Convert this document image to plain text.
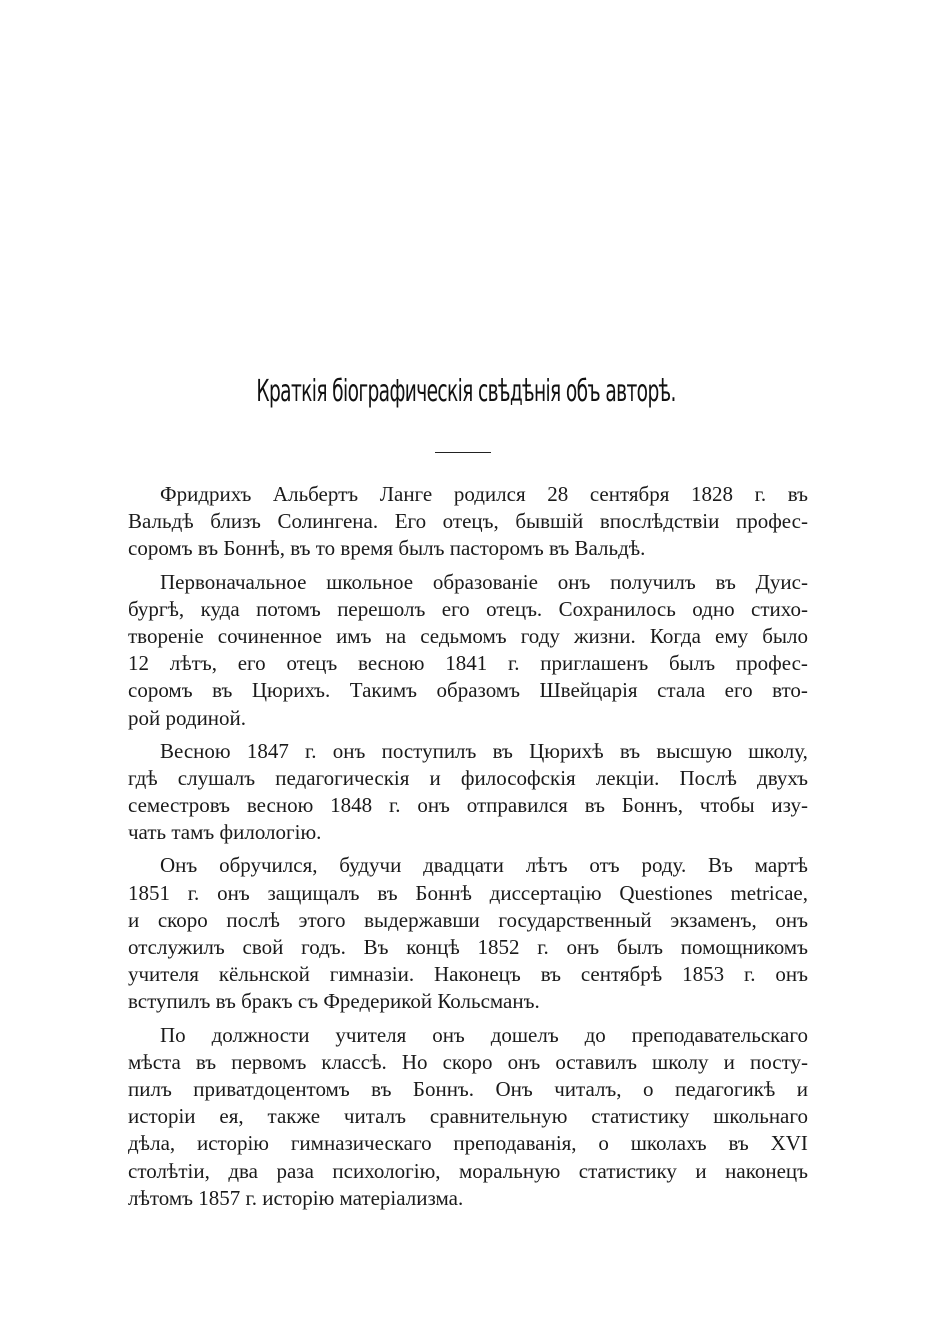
Краткія біографическія свѣдѣнія объ авторѣ.
Фридрихъ Альбертъ Ланге родился 28 сентября 1828 г. въ
Вальдѣ близъ Солингена. Его отецъ, бывшій впослѣдствіи профес-
соромъ въ Боннѣ, въ то время былъ пасторомъ въ Вальдѣ.
Первоначальное школьное образованіе онъ получилъ въ Дуис-
бургѣ, куда потомъ перешолъ его отецъ. Сохранилось одно стихо-
твореніе сочиненное имъ на седьмомъ году жизни. Когда ему было
12 лѣтъ, его отецъ весною 1841 г. приглашенъ былъ профес-
соромъ въ Цюрихъ. Такимъ образомъ Швейцарія стала его вто-
рой родиной.
Весною 1847 г. онъ поступилъ въ Цюрихѣ въ высшую школу,
гдѣ слушалъ педагогическія и философскія лекціи. Послѣ двухъ
семестровъ весною 1848 г. онъ отправился въ Боннъ, чтобы изу-
чать тамъ филологію.
Онъ обручился, будучи двадцати лѣтъ отъ роду. Въ мартѣ
1851 г. онъ защищалъ въ Боннѣ диссертацію Questiones metricae,
и скоро послѣ этого выдержавши государственный экзаменъ, онъ
отслужилъ свой годъ. Въ концѣ 1852 г. онъ былъ помощникомъ
учителя кёльнской гимназіи. Наконецъ въ сентябрѣ 1853 г. онъ
вступилъ въ бракъ съ Фредерикой Кольсманъ.
По должности учителя онъ дошелъ до преподавательскаго
мѣста въ первомъ классѣ. Но скоро онъ оставилъ школу и посту-
пилъ приватдоцентомъ въ Боннъ. Онъ читалъ, о педагогикѣ и
исторіи ея, также читалъ сравнительную статистику школьнаго
дѣла, исторію гимназическаго преподаванія, о школахъ въ XVI
столѣтіи, два раза психологію, моральную статистику и наконецъ
лѣтомъ 1857 г. исторію матеріализма.
